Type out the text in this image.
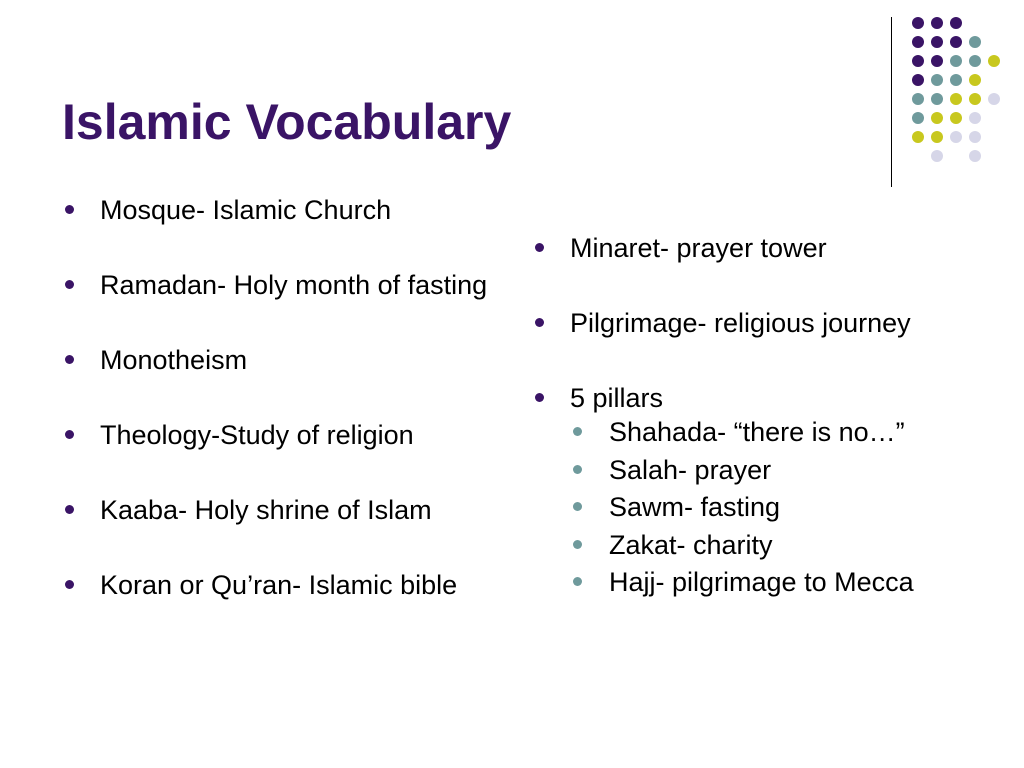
Islamic Vocabulary
Mosque- Islamic Church
Ramadan- Holy month of fasting
Monotheism
Theology-Study of religion
Kaaba- Holy shrine of Islam
Koran or Qu’ran- Islamic bible
Minaret- prayer tower
Pilgrimage- religious journey
5 pillars
Shahada- “there is no…”
Salah- prayer
Sawm- fasting
Zakat- charity
Hajj- pilgrimage to Mecca
